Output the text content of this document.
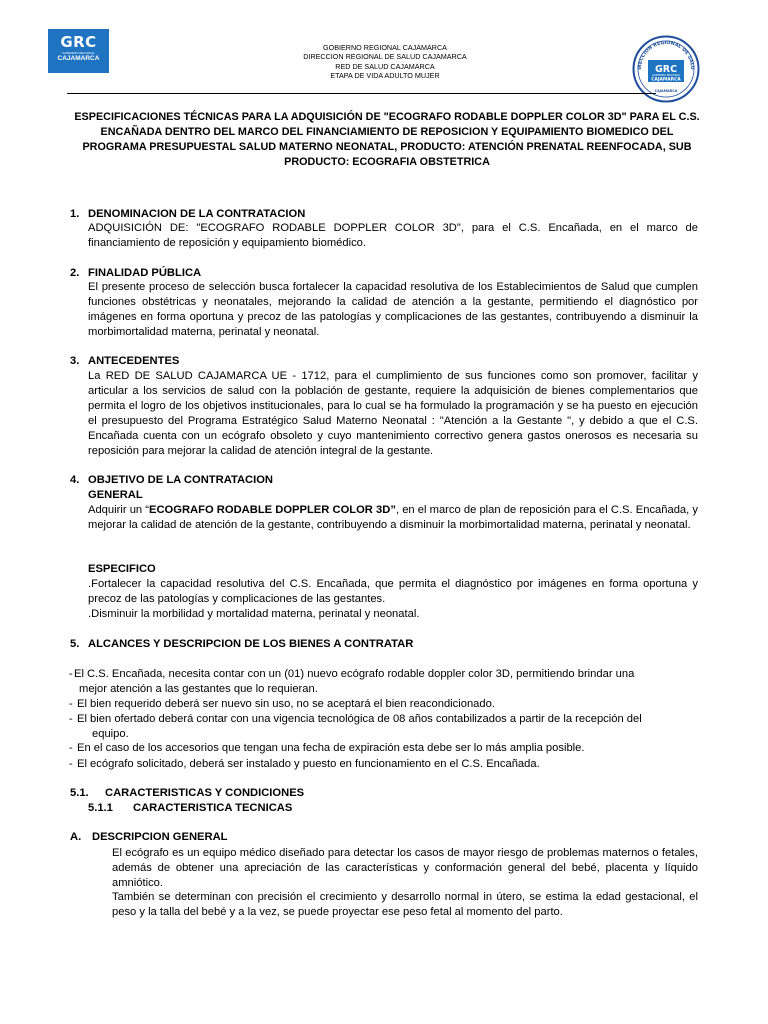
GRC
GOBIERNO REGIONAL
CAJAMARCA
IRECCION REGIONAL DE SALU
GRC
GOBIERNO REGIONAL
CAJAMARCA
CAJAMARCA
GOBIERNO REGIONAL CAJAMARCA
DIRECCION REGIONAL DE SALUD CAJAMARCA
RED DE SALUD CAJAMARCA
ETAPA DE VIDA ADULTO MUJER
ESPECIFICACIONES TÉCNICAS PARA LA ADQUISICIÓN DE "ECOGRAFO RODABLE DOPPLER COLOR 3D" PARA EL C.S.
ENCAÑADA DENTRO DEL MARCO DEL FINANCIAMIENTO DE REPOSICION Y EQUIPAMIENTO BIOMEDICO DEL
PROGRAMA PRESUPUESTAL SALUD MATERNO NEONATAL, PRODUCTO: ATENCIÓN PRENATAL REENFOCADA, SUB
PRODUCTO: ECOGRAFIA OBSTETRICA
1. DENOMINACION DE LA CONTRATACION
ADQUISICIÓN DE: "ECOGRAFO RODABLE DOPPLER COLOR 3D", para el C.S. Encañada, en el marco de financiamiento de reposición y equipamiento biomédico.
2. FINALIDAD PÚBLICA
El presente proceso de selección busca fortalecer la capacidad resolutiva de los Establecimientos de Salud que cumplen funciones obstétricas y neonatales, mejorando la calidad de atención a la gestante, permitiendo el diagnóstico por imágenes en forma oportuna y precoz de las patologías y complicaciones de las gestantes, contribuyendo a disminuir la morbimortalidad materna, perinatal y neonatal.
3. ANTECEDENTES
La RED DE SALUD CAJAMARCA UE - 1712, para el cumplimiento de sus funciones como son promover, facilitar y articular a los servicios de salud con la población de gestante, requiere la adquisición de bienes complementarios que permita el logro de los objetivos institucionales, para lo cual se ha formulado la programación y se ha puesto en ejecución el presupuesto del Programa Estratégico Salud Materno Neonatal : "Atención a la Gestante ", y debido a que el C.S. Encañada cuenta con un ecógrafo obsoleto y cuyo mantenimiento correctivo genera gastos onerosos es necesaria su reposición para mejorar la calidad de atención integral de la gestante.
4. OBJETIVO DE LA CONTRATACION
GENERAL
Adquirir un “ECOGRAFO RODABLE DOPPLER COLOR 3D”, en el marco de plan de reposición para el C.S. Encañada, y mejorar la calidad de atención de la gestante, contribuyendo a disminuir la morbimortalidad materna, perinatal y neonatal.
ESPECIFICO
.Fortalecer la capacidad resolutiva del C.S. Encañada, que permita el diagnóstico por imágenes en forma oportuna y precoz de las patologías y complicaciones de las gestantes.
.Disminuir la morbilidad y mortalidad materna, perinatal y neonatal.
5. ALCANCES Y DESCRIPCION DE LOS BIENES A CONTRATAR
- El C.S. Encañada, necesita contar con un (01) nuevo ecógrafo rodable doppler color 3D, permitiendo brindar una
mejor atención a las gestantes que lo requieran.
- El bien requerido deberá ser nuevo sin uso, no se aceptará el bien reacondicionado.
- El bien ofertado deberá contar con una vigencia tecnológica de 08 años contabilizados a partir de la recepción del
equipo.
- En el caso de los accesorios que tengan una fecha de expiración esta debe ser lo más amplia posible.
- El ecógrafo solicitado, deberá ser instalado y puesto en funcionamiento en el C.S. Encañada.
5.1. CARACTERISTICAS Y CONDICIONES
5.1.1 CARACTERISTICA TECNICAS
A. DESCRIPCION GENERAL
El ecógrafo es un equipo médico diseñado para detectar los casos de mayor riesgo de problemas maternos o fetales, además de obtener una apreciación de las características y conformación general del bebé, placenta y líquido amniótico.
También se determinan con precisión el crecimiento y desarrollo normal in útero, se estima la edad gestacional, el peso y la talla del bebé y a la vez, se puede proyectar ese peso fetal al momento del parto.
